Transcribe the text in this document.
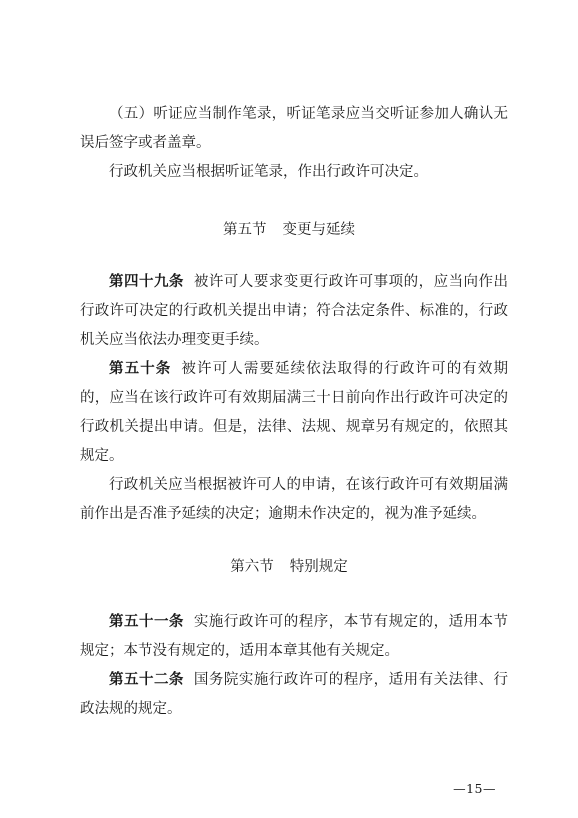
（五）听证应当制作笔录，听证笔录应当交听证参加人确认无误后签字或者盖章。

行政机关应当根据听证笔录，作出行政许可决定。

第五节 变更与延续

第四十九条 被许可人要求变更行政许可事项的，应当向作出行政许可决定的行政机关提出申请；符合法定条件、标准的，行政机关应当依法办理变更手续。

第五十条 被许可人需要延续依法取得的行政许可的有效期的，应当在该行政许可有效期届满三十日前向作出行政许可决定的行政机关提出申请。但是，法律、法规、规章另有规定的，依照其规定。

行政机关应当根据被许可人的申请，在该行政许可有效期届满前作出是否准予延续的决定；逾期未作决定的，视为准予延续。

第六节 特别规定

第五十一条 实施行政许可的程序，本节有规定的，适用本节规定；本节没有规定的，适用本章其他有关规定。

第五十二条 国务院实施行政许可的程序，适用有关法律、行政法规的规定。

—15—
